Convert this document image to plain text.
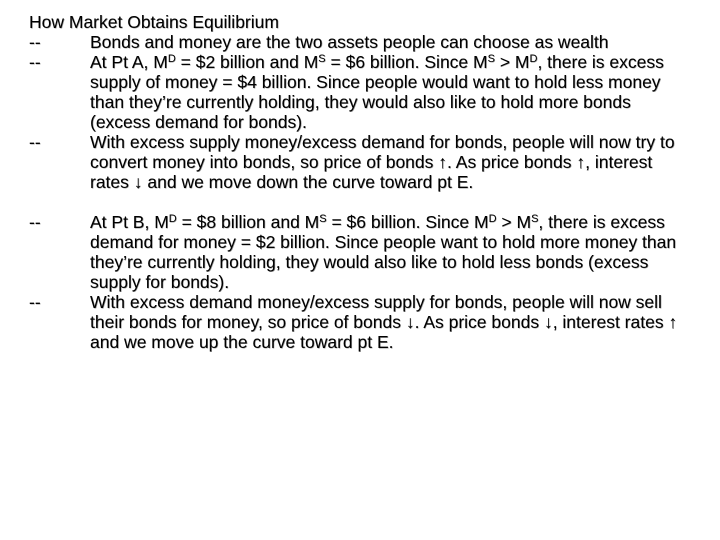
How Market Obtains Equilibrium
--	Bonds and money are the two assets people can choose as wealth
--	At Pt A, $M^D$ = $2 billion and $M^S$ = $6 billion. Since $M^S > M^D$, there is excess supply of money = $4 billion. Since people would want to hold less money than they’re currently holding, they would also like to hold more bonds (excess demand for bonds).
--	With excess supply money/excess demand for bonds, people will now try to convert money into bonds, so price of bonds ↑. As price bonds ↑, interest rates ↓ and we move down the curve toward pt E.
--	At Pt B, $M^D$ = $8 billion and $M^S$ = $6 billion. Since $M^D > M^S$, there is excess demand for money = $2 billion. Since people want to hold more money than they’re currently holding, they would also like to hold less bonds (excess supply for bonds).
--	With excess demand money/excess supply for bonds, people will now sell their bonds for money, so price of bonds ↓. As price bonds ↓, interest rates ↑ and we move up the curve toward pt E.
